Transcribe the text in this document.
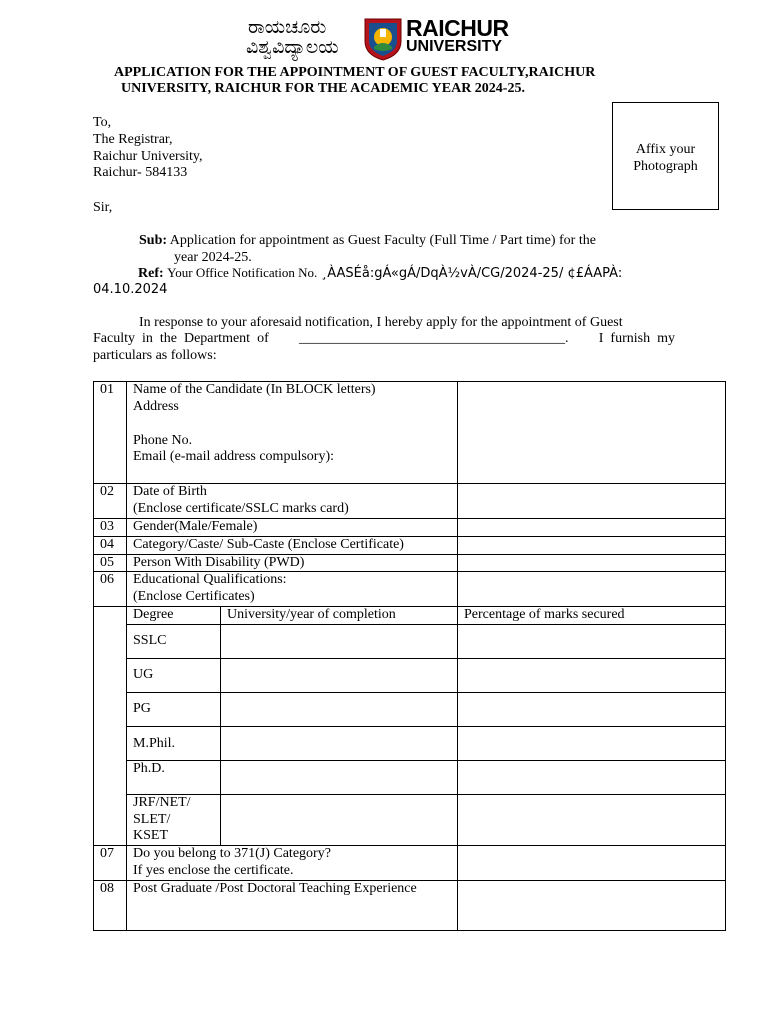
ರಾಯಚೂರು
ವಿಶ್ವವಿದ್ಯಾಲಯ
RAICHUR
UNIVERSITY
APPLICATION FOR THE APPOINTMENT OF GUEST FACULTY,RAICHUR
UNIVERSITY, RAICHUR FOR THE ACADEMIC YEAR 2024-25.
To,
The Registrar,
Raichur University,
Raichur- 584133
Affix your
Photograph
Sir,
Sub: Application for appointment as Guest Faculty (Full Time / Part time) for the
year 2024-25.
Ref: Your Office Notification No. ¸ÀASÉå:gÁ«gÁ/DqÀ½vÀ/CG/2024-25/ ¢£ÁAPÀ:
04.10.2024
In response to your aforesaid notification, I hereby apply for the appointment of Guest
Faculty  in  the  Department  of ______________________________________. I  furnish  my
particulars as follows:
01	Name of the Candidate (In BLOCK letters)
Address
Phone No.
Email (e-mail address compulsory):		

02	Date of Birth
(Enclose certificate/SSLC marks card)		

03	Gender(Male/Female)		
04	Category/Caste/ Sub-Caste (Enclose Certificate)		
05	Person With Disability (PWD)		
06	Educational Qualifications:
(Enclose Certificates)		

	Degree	University/year of completion	Percentage of marks secured

	SSLC		

	UG		

	PG		

	M.Phil.		

	Ph.D.		

	JRF/NET/
SLET/
KSET		

07	Do you belong to 371(J) Category?
If yes enclose the certificate.		

08	Post Graduate /Post Doctoral Teaching Experience		
